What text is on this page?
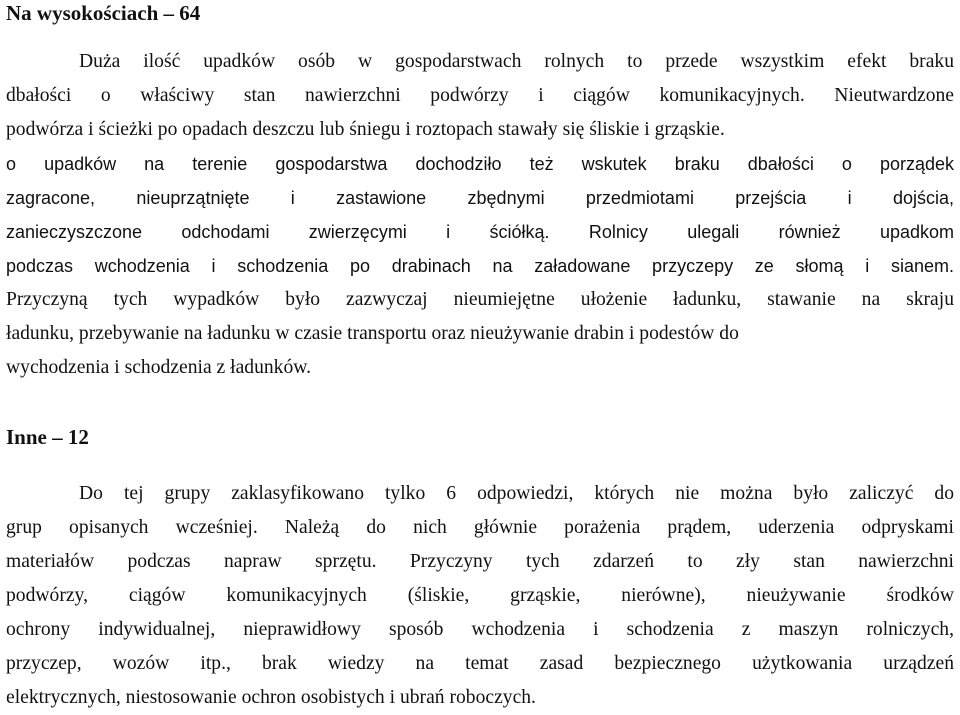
Na wysokościach – 64
Duża ilość upadków osób w gospodarstwach rolnych to przede wszystkim efekt braku
dbałości o właściwy stan nawierzchni podwórzy i ciągów komunikacyjnych. Nieutwardzone
podwórza i ścieżki po opadach deszczu lub śniegu i roztopach stawały się śliskie i grząskie.
o upadków na terenie gospodarstwa dochodziło też wskutek braku dbałości o porządek
zagracone, nieuprzątnięte i zastawione zbędnymi przedmiotami przejścia i dojścia,
zanieczyszczone odchodami zwierzęcymi i ściółką. Rolnicy ulegali również upadkom
podczas wchodzenia i schodzenia po drabinach na załadowane przyczepy ze słomą i sianem.
Przyczyną tych wypadków było zazwyczaj nieumiejętne ułożenie ładunku, stawanie na skraju
ładunku, przebywanie na ładunku w czasie transportu oraz nieużywanie drabin i podestów do
wychodzenia i schodzenia z ładunków.
Inne – 12
Do tej grupy zaklasyfikowano tylko 6 odpowiedzi, których nie można było zaliczyć do
grup opisanych wcześniej. Należą do nich głównie porażenia prądem, uderzenia odpryskami
materiałów podczas napraw sprzętu. Przyczyny tych zdarzeń to zły stan nawierzchni
podwórzy, ciągów komunikacyjnych (śliskie, grząskie, nierówne), nieużywanie środków
ochrony indywidualnej, nieprawidłowy sposób wchodzenia i schodzenia z maszyn rolniczych,
przyczep, wozów itp., brak wiedzy na temat zasad bezpiecznego użytkowania urządzeń
elektrycznych, niestosowanie ochron osobistych i ubrań roboczych.
